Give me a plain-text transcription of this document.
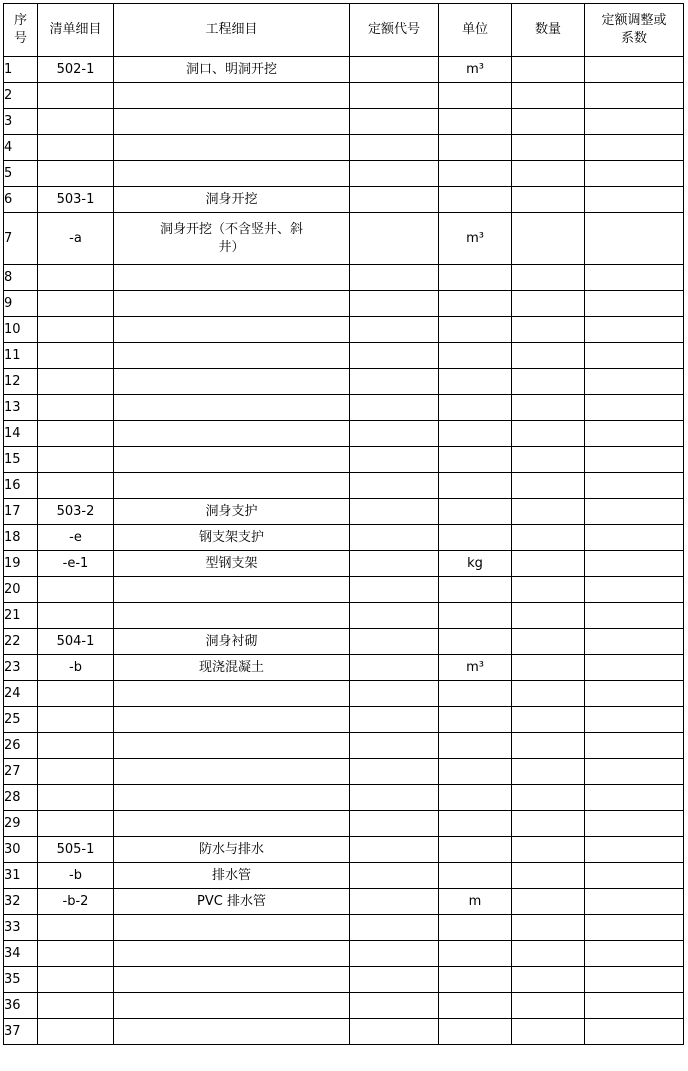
序号	清单细目	工程细目	定额代号	单位	数量	定额调整或系数
1	502-1	洞口、明洞开挖		m³		
2						
3						
4						
5						
6	503-1	洞身开挖				
7	-a	洞身开挖（不含竖井、斜井）		m³		
8						
9						
10						
11						
12						
13						
14						
15						
16						
17	503-2	洞身支护				
18	-e	钢支架支护				
19	-e-1	型钢支架		kg		
20						
21						
22	504-1	洞身衬砌				
23	-b	现浇混凝土		m³		
24						
25						
26						
27						
28						
29						
30	505-1	防水与排水				
31	-b	排水管				
32	-b-2	PVC 排水管		m		
33						
34						
35						
36						
37						
